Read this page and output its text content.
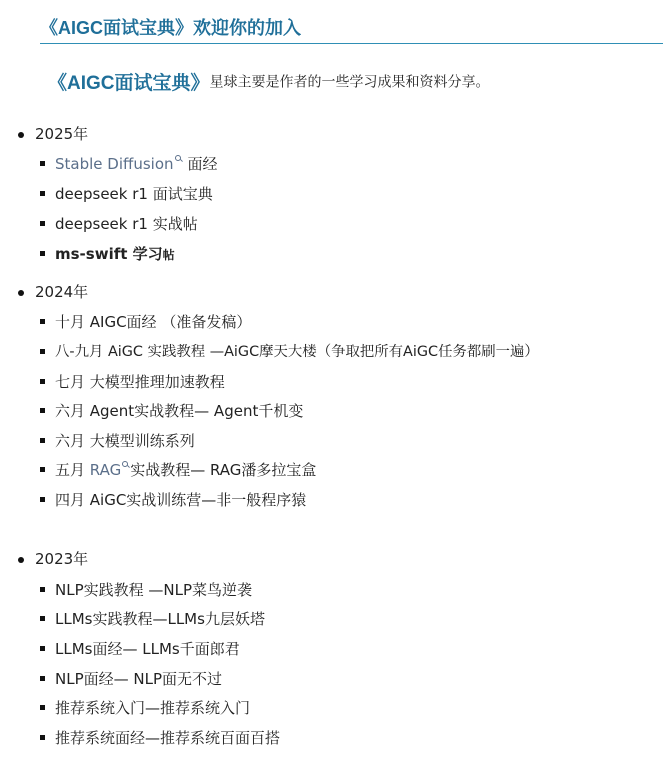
《AIGC面试宝典》欢迎你的加入
《AIGC面试宝典》星球主要是作者的一些学习成果和资料分享。
2025年
Stable Diffusion 面经
deepseek r1 面试宝典
deepseek r1 实战帖
ms-swift 学习帖
2024年
十月 AIGC面经 （准备发稿）
八-九月 AiGC 实践教程 —AiGC摩天大楼（争取把所有AiGC任务都刷一遍）
七月 大模型推理加速教程
六月 Agent实战教程— Agent千机变
六月 大模型训练系列
五月 RAG 实战教程— RAG潘多拉宝盒
四月 AiGC实战训练营—非一般程序猿
2023年
NLP实践教程 —NLP菜鸟逆袭
LLMs实践教程—LLMs九层妖塔
LLMs面经— LLMs千面郎君
NLP面经— NLP面无不过
推荐系统入门—推荐系统入门
推荐系统面经—推荐系统百面百搭
